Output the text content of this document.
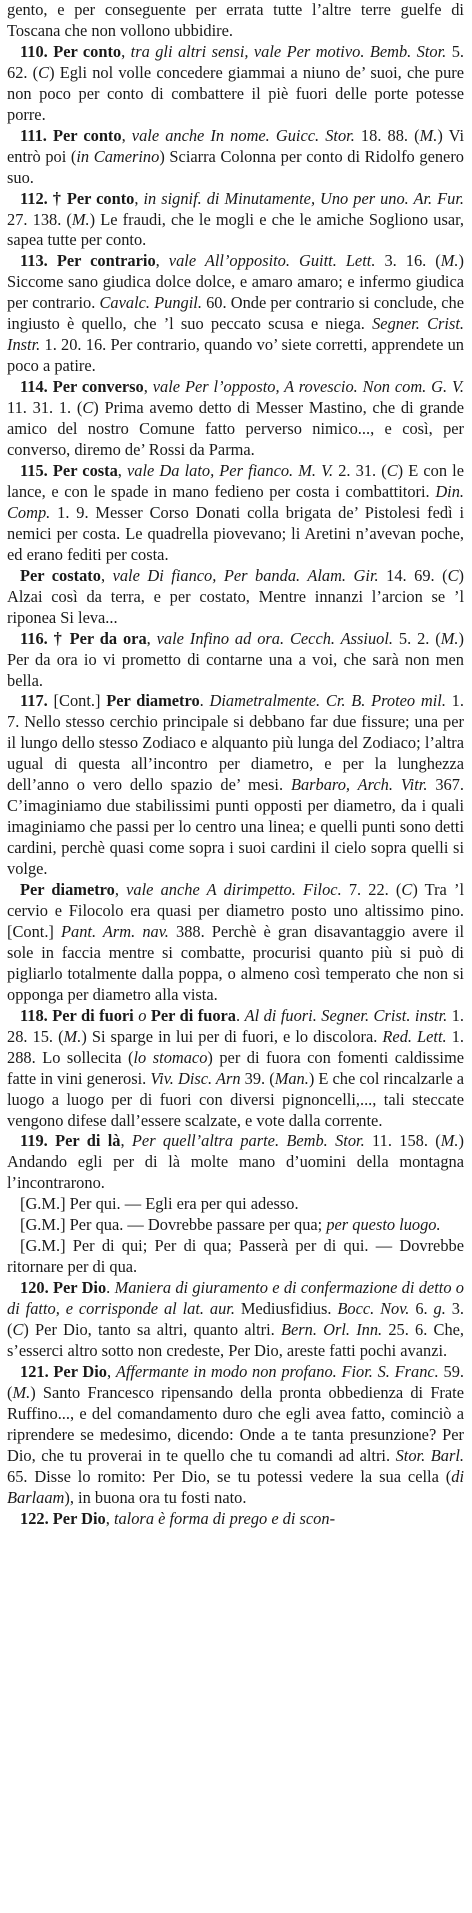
gento, e per conseguente per errata tutte l’altre terre guelfe di Toscana che non vollono ubbidire.

110. Per conto, tra gli altri sensi, vale Per motivo. Bemb. Stor. 5. 62. (C) Egli nol volle concedere giammai a niuno de’ suoi, che pure non poco per conto di combattere il piè fuori delle porte potesse porre.

111. Per conto, vale anche In nome. Guicc. Stor. 18. 88. (M.) Vi entrò poi (in Camerino) Sciarra Colonna per conto di Ridolfo genero suo.

112. † Per conto, in signif. di Minutamente, Uno per uno. Ar. Fur. 27. 138. (M.) Le fraudi, che le mogli e che le amiche Sogliono usar, sapea tutte per conto.

113. Per contrario, vale All’opposito. Guitt. Lett. 3. 16. (M.) Siccome sano giudica dolce dolce, e amaro amaro; e infermo giudica per contrario. Cavalc. Pungil. 60. Onde per contrario si conclude, che ingiusto è quello, che ’l suo peccato scusa e niega. Segner. Crist. Instr. 1. 20. 16. Per contrario, quando vo’ siete corretti, apprendete un poco a patire.

114. Per converso, vale Per l’opposto, A rovescio. Non com. G. V. 11. 31. 1. (C) Prima avemo detto di Messer Mastino, che di grande amico del nostro Comune fatto perverso nimico..., e così, per converso, diremo de’ Rossi da Parma.

115. Per costa, vale Da lato, Per fianco. M. V. 2. 31. (C) E con le lance, e con le spade in mano fedieno per costa i combattitori. Din. Comp. 1. 9. Messer Corso Donati colla brigata de’ Pistolesi fedì i nemici per costa. Le quadrella piovevano; li Aretini n’avevan poche, ed erano fediti per costa.

Per costato, vale Di fianco, Per banda. Alam. Gir. 14. 69. (C) Alzai così da terra, e per costato, Mentre innanzi l’arcion se ’l riponea Si leva...

116. † Per da ora, vale Infino ad ora. Cecch. Assiuol. 5. 2. (M.) Per da ora io vi prometto di contarne una a voi, che sarà non men bella.

117. [Cont.] Per diametro. Diametralmente. Cr. B. Proteo mil. 1. 7. Nello stesso cerchio principale si debbano far due fissure; una per il lungo dello stesso Zodiaco e alquanto più lunga del Zodiaco; l’altra ugual di questa all’incontro per diametro, e per la lunghezza dell’anno o vero dello spazio de’ mesi. Barbaro, Arch. Vitr. 367. C’imaginiamo due stabilissimi punti opposti per diametro, da i quali imaginiamo che passi per lo centro una linea; e quelli punti sono detti cardini, perchè quasi come sopra i suoi cardini il cielo sopra quelli si volge.

Per diametro, vale anche A dirimpetto. Filoc. 7. 22. (C) Tra ’l cervio e Filocolo era quasi per diametro posto uno altissimo pino. [Cont.] Pant. Arm. nav. 388. Perchè è gran disavantaggio avere il sole in faccia mentre si combatte, procurisi quanto più si può di pigliarlo totalmente dalla poppa, o almeno così temperato che non si opponga per diametro alla vista.

118. Per di fuori o Per di fuora. Al di fuori. Segner. Crist. instr. 1. 28. 15. (M.) Si sparge in lui per di fuori, e lo discolora. Red. Lett. 1. 288. Lo sollecita (lo stomaco) per di fuora con fomenti caldissime fatte in vini generosi. Viv. Disc. Arn 39. (Man.) E che col rincalzarle a luogo a luogo per di fuori con diversi pignoncelli,..., tali steccate vengono difese dall’essere scalzate, e vote dalla corrente.

119. Per di là, Per quell’altra parte. Bemb. Stor. 11. 158. (M.) Andando egli per di là molte mano d’uomini della montagna l’incontrarono.

[G.M.] Per qui. — Egli era per qui adesso.

[G.M.] Per qua. — Dovrebbe passare per qua; per questo luogo.

[G.M.] Per di qui; Per di qua; Passerà per di qui. — Dovrebbe ritornare per di qua.

120. Per Dio. Maniera di giuramento e di confermazione di detto o di fatto, e corrisponde al lat. aur. Mediusfidius. Bocc. Nov. 6. g. 3. (C) Per Dio, tanto sa altri, quanto altri. Bern. Orl. Inn. 25. 6. Che, s’esserci altro sotto non credeste, Per Dio, areste fatti pochi avanzi.

121. Per Dio, Affermante in modo non profano. Fior. S. Franc. 59. (M.) Santo Francesco ripensando della pronta obbedienza di Frate Ruffino..., e del comandamento duro che egli avea fatto, cominciò a riprendere se medesimo, dicendo: Onde a te tanta presunzione? Per Dio, che tu proverai in te quello che tu comandi ad altri. Stor. Barl. 65. Disse lo romito: Per Dio, se tu potessi vedere la sua cella (di Barlaam), in buona ora tu fosti nato.

122. Per Dio, talora è forma di prego e di scon-
